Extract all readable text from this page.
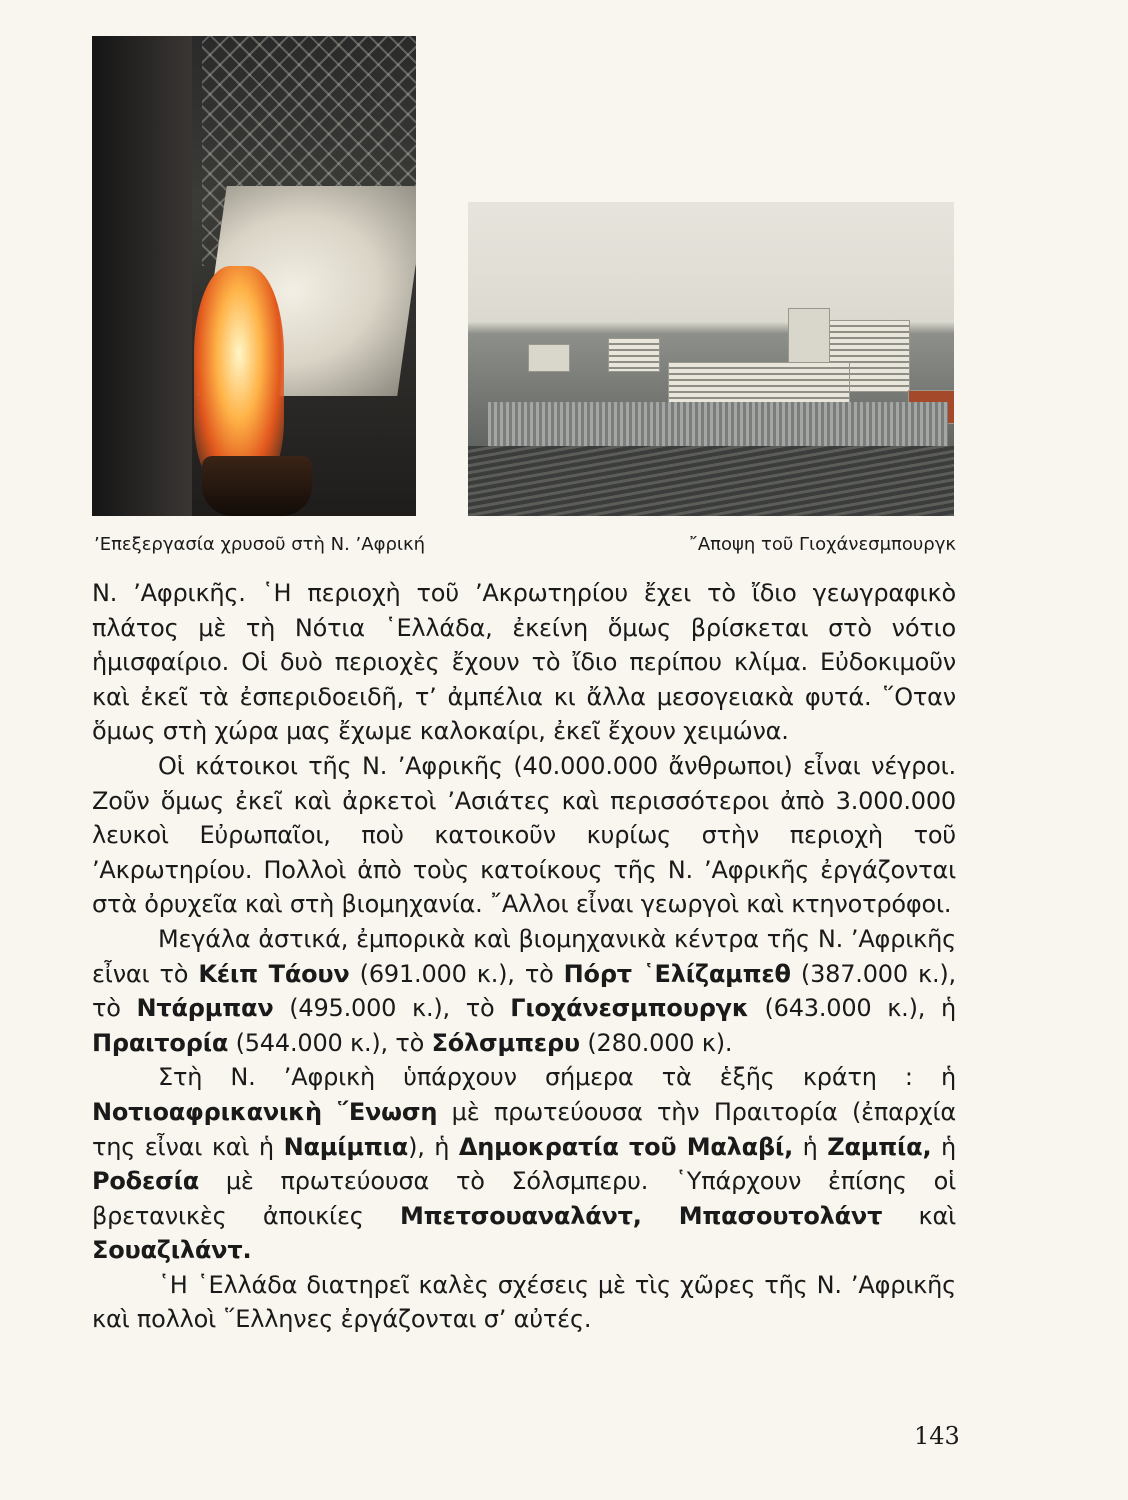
’Επεξεργασία χρυσοῦ στὴ Ν. ’Αφρική	῎Αποψη τοῦ Γιοχάνεσμπουργκ

Ν. ’Αφρικῆς. ῾Η περιοχὴ τοῦ ’Ακρωτηρίου ἔχει τὸ ἴδιο γεωγραφικὸ πλάτος μὲ τὴ Νότια ῾Ελλάδα, ἐκείνη ὅμως βρίσκεται στὸ νότιο ἡμισφαίριο. Οἱ δυὸ περιοχὲς ἔχουν τὸ ἴδιο περίπου κλίμα. Εὐδοκιμοῦν καὶ ἐκεῖ τὰ ἐσπεριδοειδῆ, τ’ ἀμπέλια κι ἄλλα μεσογειακὰ φυτά. ῞Οταν ὅμως στὴ χώρα μας ἔχωμε καλοκαίρι, ἐκεῖ ἔχουν χειμώνα.

Οἱ κάτοικοι τῆς Ν. ’Αφρικῆς (40.000.000 ἄνθρωποι) εἶναι νέγροι. Ζοῦν ὅμως ἐκεῖ καὶ ἀρκετοὶ ’Ασιάτες καὶ περισσότεροι ἀπὸ 3.000.000 λευκοὶ Εὐρωπαῖοι, ποὺ κατοικοῦν κυρίως στὴν περιοχὴ τοῦ ’Ακρωτηρίου. Πολλοὶ ἀπὸ τοὺς κατοίκους τῆς Ν. ’Αφρικῆς ἐργάζονται στὰ ὀρυχεῖα καὶ στὴ βιομηχανία. ῎Αλλοι εἶναι γεωργοὶ καὶ κτηνοτρόφοι.

Μεγάλα ἀστικά, ἐμπορικὰ καὶ βιομηχανικὰ κέντρα τῆς Ν. ’Αφρικῆς εἶναι τὸ Κέιπ Τάουν (691.000 κ.), τὸ Πόρτ ῾Ελίζαμπεθ (387.000 κ.), τὸ Ντάρμπαν (495.000 κ.), τὸ Γιοχάνεσμπουργκ (643.000 κ.), ἡ Πραιτορία (544.000 κ.), τὸ Σόλσμπερυ (280.000 κ).

Στὴ Ν. ’Αφρικὴ ὑπάρχουν σήμερα τὰ ἑξῆς κράτη : ἡ Νοτιοαφρικανικὴ ῞Ενωση μὲ πρωτεύουσα τὴν Πραιτορία (ἐπαρχία της εἶναι καὶ ἡ Ναμίμπια), ἡ Δημοκρατία τοῦ Μαλαβί, ἡ Ζαμπία, ἡ Ροδεσία μὲ πρωτεύουσα τὸ Σόλσμπερυ. ῾Υπάρχουν ἐπίσης οἱ βρετανικὲς ἀποικίες Μπετσουαναλάντ, Μπασουτολάντ καὶ Σουαζιλάντ.

῾Η ῾Ελλάδα διατηρεῖ καλὲς σχέσεις μὲ τὶς χῶρες τῆς Ν. ’Αφρικῆς καὶ πολλοὶ ῞Ελληνες ἐργάζονται σ’ αὐτές.

143
